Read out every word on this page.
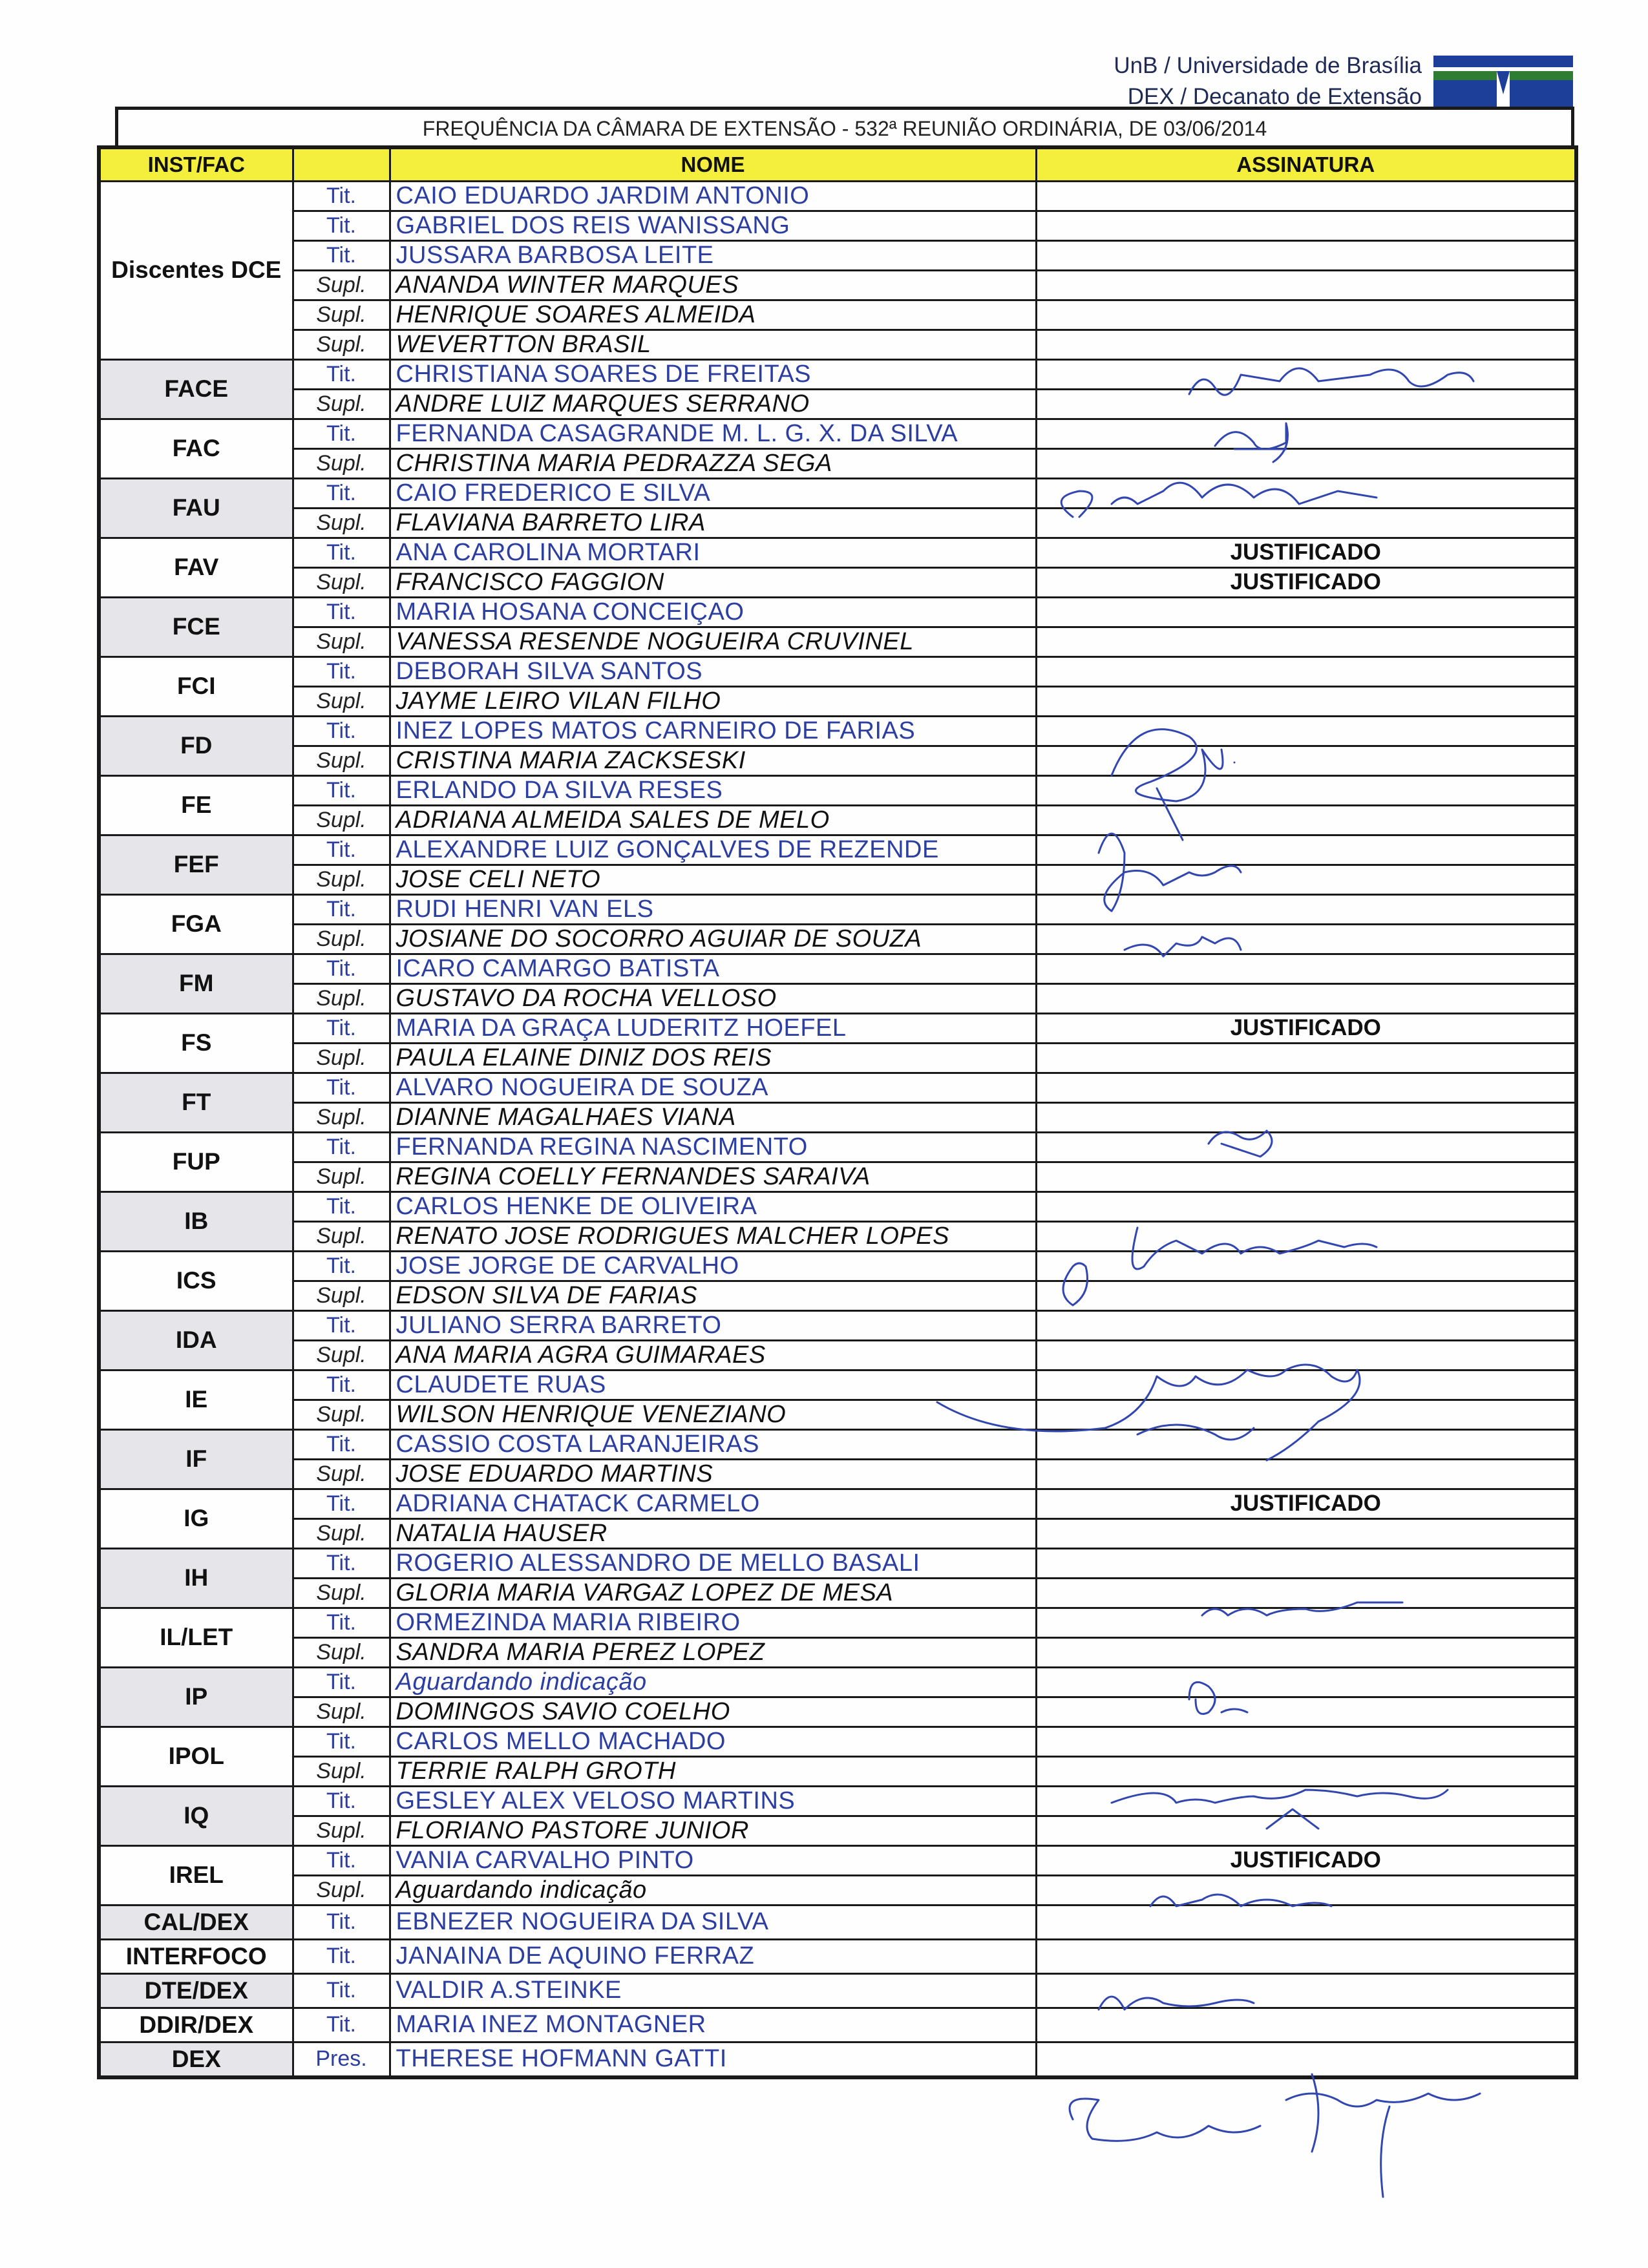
UnB / Universidade de Brasília
DEX / Decanato de Extensão
FREQUÊNCIA DA CÂMARA DE EXTENSÃO - 532ª REUNIÃO ORDINÁRIA, DE 03/06/2014
INST/FAC		NOME	ASSINATURA
Discentes DCE	Tit.	CAIO EDUARDO JARDIM ANTONIO	
	Tit.	GABRIEL DOS REIS WANISSANG	
	Tit.	JUSSARA BARBOSA LEITE	
	Supl.	ANANDA WINTER MARQUES	
	Supl.	HENRIQUE SOARES ALMEIDA	
	Supl.	WEVERTTON BRASIL	
FACE	Tit.	CHRISTIANA SOARES DE FREITAS	
	Supl.	ANDRE LUIZ MARQUES SERRANO	
FAC	Tit.	FERNANDA CASAGRANDE M. L. G. X. DA SILVA	
	Supl.	CHRISTINA MARIA PEDRAZZA SEGA	
FAU	Tit.	CAIO FREDERICO E SILVA	
	Supl.	FLAVIANA BARRETO LIRA	
FAV	Tit.	ANA CAROLINA MORTARI	JUSTIFICADO
	Supl.	FRANCISCO FAGGION	JUSTIFICADO
FCE	Tit.	MARIA HOSANA CONCEIÇAO	
	Supl.	VANESSA RESENDE NOGUEIRA CRUVINEL	
FCI	Tit.	DEBORAH SILVA SANTOS	
	Supl.	JAYME LEIRO VILAN FILHO	
FD	Tit.	INEZ LOPES MATOS CARNEIRO DE FARIAS	
	Supl.	CRISTINA MARIA ZACKSESKI	
FE	Tit.	ERLANDO DA SILVA RESES	
	Supl.	ADRIANA ALMEIDA SALES DE MELO	
FEF	Tit.	ALEXANDRE LUIZ GONÇALVES DE REZENDE	
	Supl.	JOSE CELI NETO	
FGA	Tit.	RUDI HENRI VAN ELS	
	Supl.	JOSIANE DO SOCORRO AGUIAR DE SOUZA	
FM	Tit.	ICARO CAMARGO BATISTA	
	Supl.	GUSTAVO DA ROCHA VELLOSO	
FS	Tit.	MARIA DA GRAÇA LUDERITZ HOEFEL	JUSTIFICADO
	Supl.	PAULA ELAINE DINIZ DOS REIS	
FT	Tit.	ALVARO NOGUEIRA DE SOUZA	
	Supl.	DIANNE MAGALHAES VIANA	
FUP	Tit.	FERNANDA REGINA NASCIMENTO	
	Supl.	REGINA COELLY FERNANDES SARAIVA	
IB	Tit.	CARLOS HENKE DE OLIVEIRA	
	Supl.	RENATO JOSE RODRIGUES MALCHER LOPES	
ICS	Tit.	JOSE JORGE DE CARVALHO	
	Supl.	EDSON SILVA DE FARIAS	
IDA	Tit.	JULIANO SERRA BARRETO	
	Supl.	ANA MARIA AGRA GUIMARAES	
IE	Tit.	CLAUDETE RUAS	
	Supl.	WILSON HENRIQUE VENEZIANO	
IF	Tit.	CASSIO COSTA LARANJEIRAS	
	Supl.	JOSE EDUARDO MARTINS	
IG	Tit.	ADRIANA CHATACK CARMELO	JUSTIFICADO
	Supl.	NATALIA HAUSER	
IH	Tit.	ROGERIO ALESSANDRO DE MELLO BASALI	
	Supl.	GLORIA MARIA VARGAZ LOPEZ DE MESA	
IL/LET	Tit.	ORMEZINDA MARIA RIBEIRO	
	Supl.	SANDRA MARIA PEREZ LOPEZ	
IP	Tit.	Aguardando indicação	
	Supl.	DOMINGOS SAVIO COELHO	
IPOL	Tit.	CARLOS MELLO MACHADO	
	Supl.	TERRIE RALPH GROTH	
IQ	Tit.	GESLEY ALEX VELOSO MARTINS	
	Supl.	FLORIANO PASTORE JUNIOR	
IREL	Tit.	VANIA CARVALHO PINTO	JUSTIFICADO
	Supl.	Aguardando indicação	
CAL/DEX	Tit.	EBNEZER NOGUEIRA DA SILVA	
INTERFOCO	Tit.	JANAINA DE AQUINO FERRAZ	
DTE/DEX	Tit.	VALDIR A.STEINKE	
DDIR/DEX	Tit.	MARIA INEZ MONTAGNER	
DEX	Pres.	THERESE HOFMANN GATTI	
